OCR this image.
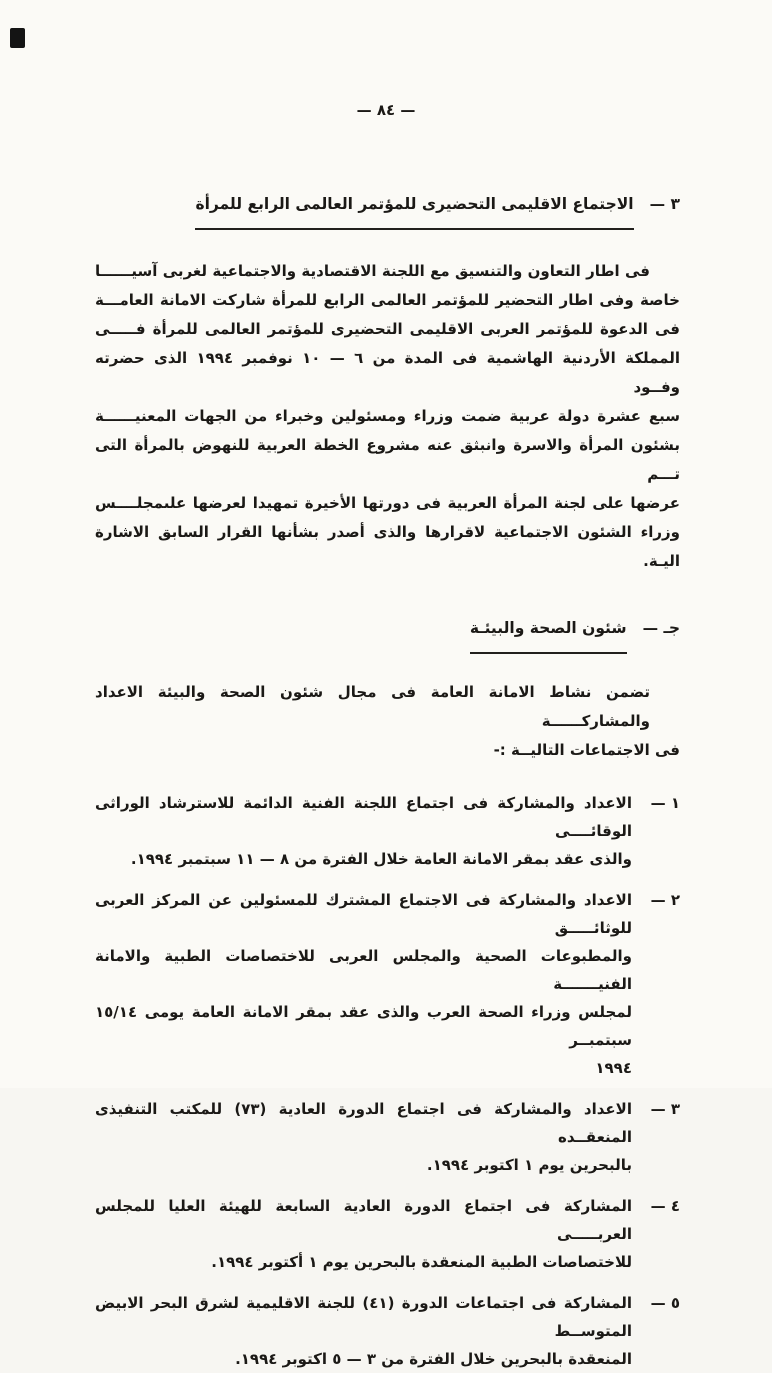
— ٨٤ —
٣ —
الاجتماع الاقليمى التحضيرى للمؤتمر العالمى الرابع للمرأة
فى اطار التعاون والتنسيق مع اللجنة الاقتصادية والاجتماعية لغربى آسيــــــا
خاصة وفى اطار التحضير للمؤتمر العالمى الرابع للمرأة شاركت الامانة العامـــة
فى الدعوة للمؤتمر العربى الاقليمى التحضيرى للمؤتمر العالمى للمرأة فـــــى
المملكة الأردنية الهاشمية فى المدة من ٦ — ١٠ نوفمبر ١٩٩٤ الذى حضرته وفــود
سبع عشرة دولة عربية ضمت وزراء ومسئولين وخبراء من الجهات المعنيــــــة
بشئون المرأة والاسرة وانبثق عنه مشروع الخطة العربية للنهوض بالمرأة التى تـــم
عرضها على لجنة المرأة العربية فى دورتها الأخيرة تمهيدا لعرضها علىمجلــــس
وزراء الشئون الاجتماعية لاقرارها والذى أصدر بشأنها القرار السابق الاشارة اليـة.
جـ —
شئون الصحة والبيئـة
تضمن نشاط الامانة العامة فى مجال شئون الصحة والبيئة الاعداد والمشاركــــــة
فى الاجتماعات التاليــة :-
١ —
الاعداد والمشاركة فى اجتماع اللجنة الفنية الدائمة للاسترشاد الوراثى الوقائــــى
والذى عقد بمقر الامانة العامة خلال الفترة من ٨ — ١١ سبتمبر ١٩٩٤.
٢ —
الاعداد والمشاركة فى الاجتماع المشترك للمسئولين عن المركز العربى للوثائـــــق
والمطبوعات الصحية والمجلس العربى للاختصاصات الطبية والامانة الفنيـــــــة
لمجلس وزراء الصحة العرب والذى عقد بمقر الامانة العامة يومى ١٥/١٤ سبتمبــر
١٩٩٤
٣ —
الاعداد والمشاركة فى اجتماع الدورة العادية (٧٣) للمكتب التنفيذى المنعقــده
بالبحرين يوم ١ اكتوبر ١٩٩٤.
٤ —
المشاركة فى اجتماع الدورة العادية السابعة للهيئة العليا للمجلس العربـــــى
للاختصاصات الطبية المنعقدة بالبحرين يوم ١ أكتوبر ١٩٩٤.
٥ —
المشاركة فى اجتماعات الدورة (٤١) للجنة الاقليمية لشرق البحر الابيض المتوســط
المنعقدة بالبحرين خلال الفترة من ٣ — ٥ اكتوبر ١٩٩٤.
